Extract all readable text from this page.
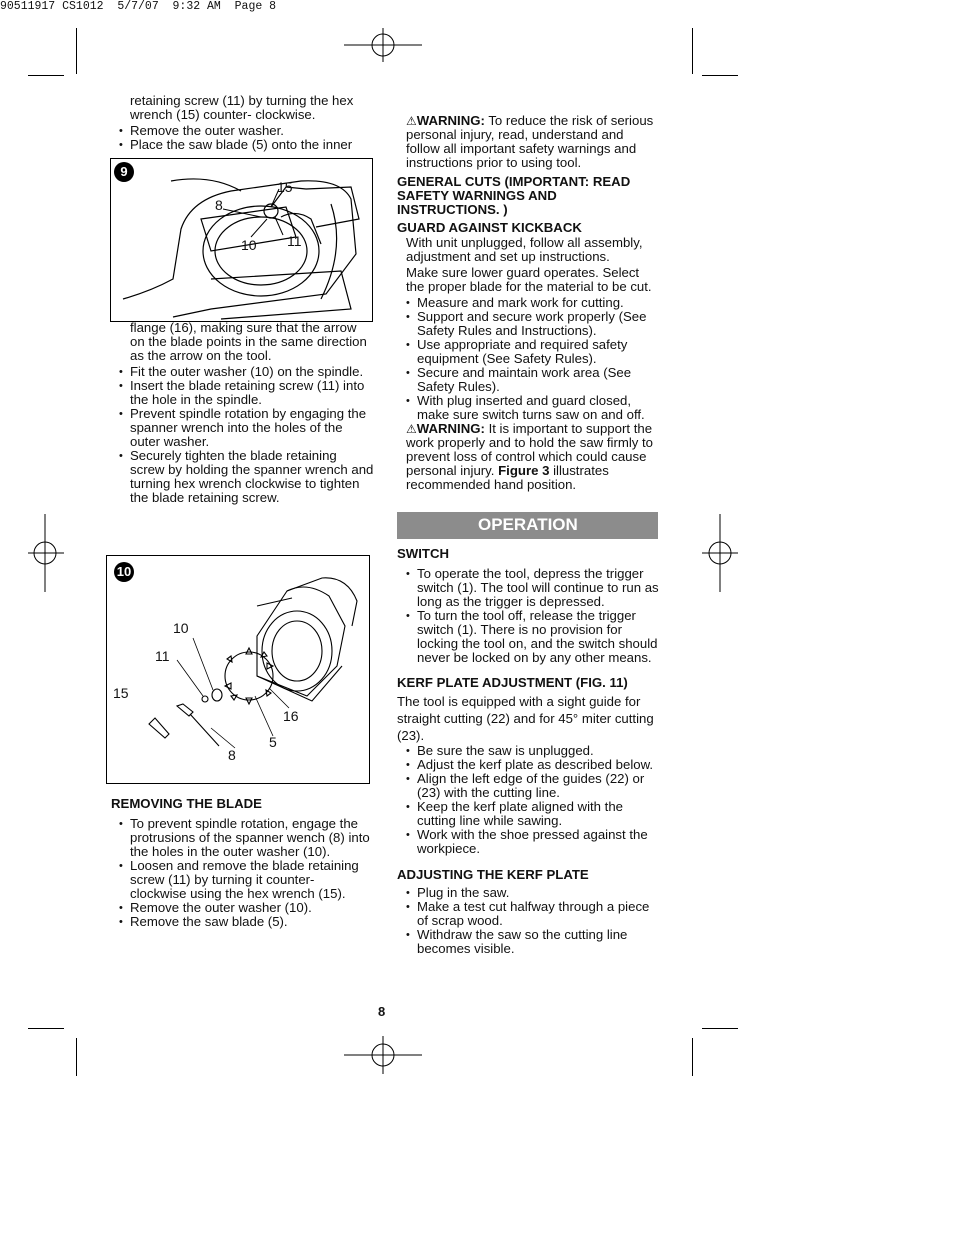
90511917 CS1012  5/7/07  9:32 AM  Page 8

retaining screw (11) by turning the hex wrench (15) counter- clockwise.

• Remove the outer washer.

• Place the saw blade (5) onto the inner

9
15
8
10 11

flange (16), making sure that the arrow on the blade points in the same direction as the arrow on the tool.

• Fit the outer washer (10) on the spindle.

• Insert the blade retaining screw (11) into the hole in the spindle.

• Prevent spindle rotation by engaging the spanner wrench into the holes of the outer washer.

• Securely tighten the blade retaining screw by holding the spanner wrench and turning hex wrench clockwise to tighten the blade retaining screw.

10
10
11
15
16
5
8

REMOVING THE BLADE

• To prevent spindle rotation, engage the protrusions of the spanner wench (8) into the holes in the outer washer (10).

• Loosen and remove the blade retaining screw (11) by turning it counter- clockwise using the hex wrench (15).

• Remove the outer washer (10).

• Remove the saw blade (5).

⚠WARNING: To reduce the risk of serious personal injury, read, understand and follow all important safety warnings and instructions prior to using tool.

GENERAL CUTS (IMPORTANT: READ SAFETY WARNINGS AND INSTRUCTIONS. )

GUARD AGAINST KICKBACK

With unit unplugged, follow all assembly, adjustment and set up instructions.

Make sure lower guard operates. Select the proper blade for the material to be cut.

• Measure and mark work for cutting.

• Support and secure work properly (See Safety Rules and Instructions).

• Use appropriate and required safety equipment (See Safety Rules).

• Secure and maintain work area (See Safety Rules).

• With plug inserted and guard closed, make sure switch turns saw on and off.

⚠WARNING: It is important to support the work properly and to hold the saw firmly to prevent loss of control which could cause personal injury. Figure 3 illustrates recommended hand position.

OPERATION

SWITCH

• To operate the tool, depress the trigger switch (1). The tool will continue to run as long as the trigger is depressed.

• To turn the tool off, release the trigger switch (1). There is no provision for locking the tool on, and the switch should never be locked on by any other means.

KERF PLATE ADJUSTMENT (FIG. 11)

The tool is equipped with a sight guide for straight cutting (22) and for 45° miter cutting (23).

• Be sure the saw is unplugged.

• Adjust the kerf plate as described below.

• Align the left edge of the guides (22) or (23) with the cutting line.

• Keep the kerf plate aligned with the cutting line while sawing.

• Work with the shoe pressed against the workpiece.

ADJUSTING THE KERF PLATE

• Plug in the saw.

• Make a test cut halfway through a piece of scrap wood.

• Withdraw the saw so the cutting line becomes visible.

8
